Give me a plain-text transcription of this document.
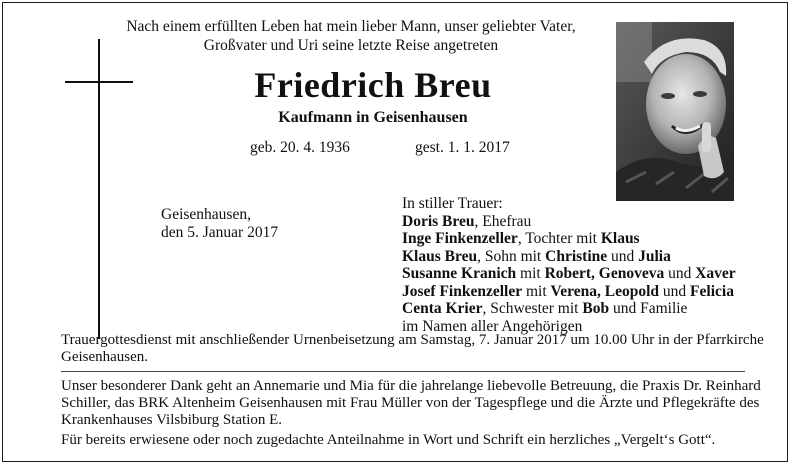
Nach einem erfüllten Leben hat mein lieber Mann, unser geliebter Vater,
Großvater und Uri seine letzte Reise angetreten
Friedrich Breu
Kaufmann in Geisenhausen
geb. 20. 4. 1936	gest. 1. 1. 2017
Geisenhausen,
den 5. Januar 2017
In stiller Trauer:
Doris Breu, Ehefrau
Inge Finkenzeller, Tochter mit Klaus
Klaus Breu, Sohn mit Christine und Julia
Susanne Kranich mit Robert, Genoveva und Xaver
Josef Finkenzeller mit Verena, Leopold und Felicia
Centa Krier, Schwester mit Bob und Familie
im Namen aller Angehörigen
Trauergottesdienst mit anschließender Urnenbeisetzung am Samstag, 7. Januar 2017 um 10.00 Uhr in der Pfarrkirche
Geisenhausen.
Unser besonderer Dank geht an Annemarie und Mia für die jahrelange liebevolle Betreuung, die Praxis Dr. Reinhard
Schiller, das BRK Altenheim Geisenhausen mit Frau Müller von der Tagespflege und die Ärzte und Pflegekräfte des
Krankenhauses Vilsbiburg Station E.
Für bereits erwiesene oder noch zugedachte Anteilnahme in Wort und Schrift ein herzliches „Vergelt‘s Gott“.
